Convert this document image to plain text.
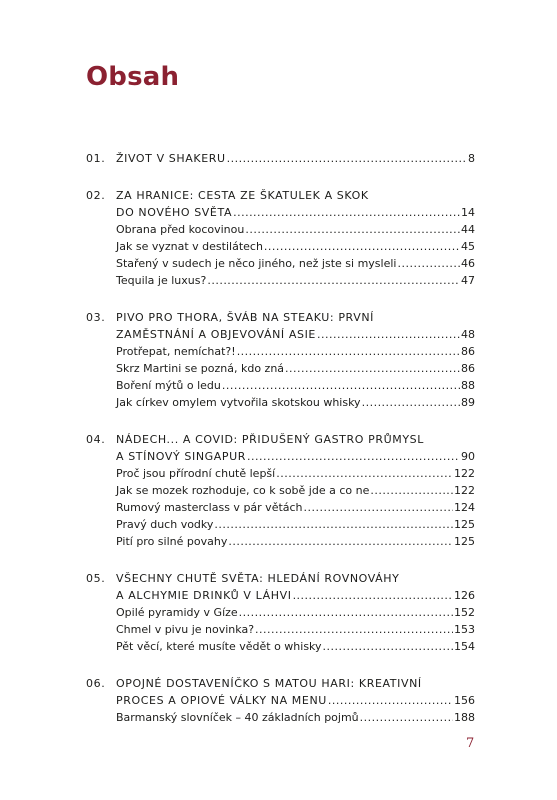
Obsah
01. ŽIVOT V SHAKERU .....	8
02. ZA HRANICE: CESTA ZE ŠKATULEK A SKOK
DO NOVÉHO SVĚTA .....	14
Obrana před kocovinou .....	44
Jak se vyznat v destilátech .....	45
Stařený v sudech je něco jiného, než jste si mysleli .....	46
Tequila je luxus? .....	47
03. PIVO PRO THORA, ŠVÁB NA STEAKU: PRVNÍ
ZAMĚSTNÁNÍ A OBJEVOVÁNÍ ASIE .....	48
Protřepat, nemíchat?! .....	86
Skrz Martini se pozná, kdo zná .....	86
Boření mýtů o ledu .....	88
Jak církev omylem vytvořila skotskou whisky .....	89
04. NÁDECH... A COVID: PŘIDUŠENÝ GASTRO PRŮMYSL
A STÍNOVÝ SINGAPUR .....	90
Proč jsou přírodní chutě lepší .....	122
Jak se mozek rozhoduje, co k sobě jde a co ne .....	122
Rumový masterclass v pár větách .....	124
Pravý duch vodky .....	125
Pití pro silné povahy .....	125
05. VŠECHNY CHUTĚ SVĚTA: HLEDÁNÍ ROVNOVÁHY
A ALCHYMIE DRINKŮ V LÁHVI .....	126
Opilé pyramidy v Gíze .....	152
Chmel v pivu je novinka? .....	153
Pět věcí, které musíte vědět o whisky .....	154
06. OPOJNÉ DOSTAVENÍČKO S MATOU HARI: KREATIVNÍ
PROCES A OPIOVÉ VÁLKY NA MENU .....	156
Barmanský slovníček – 40 základních pojmů .....	188
7
